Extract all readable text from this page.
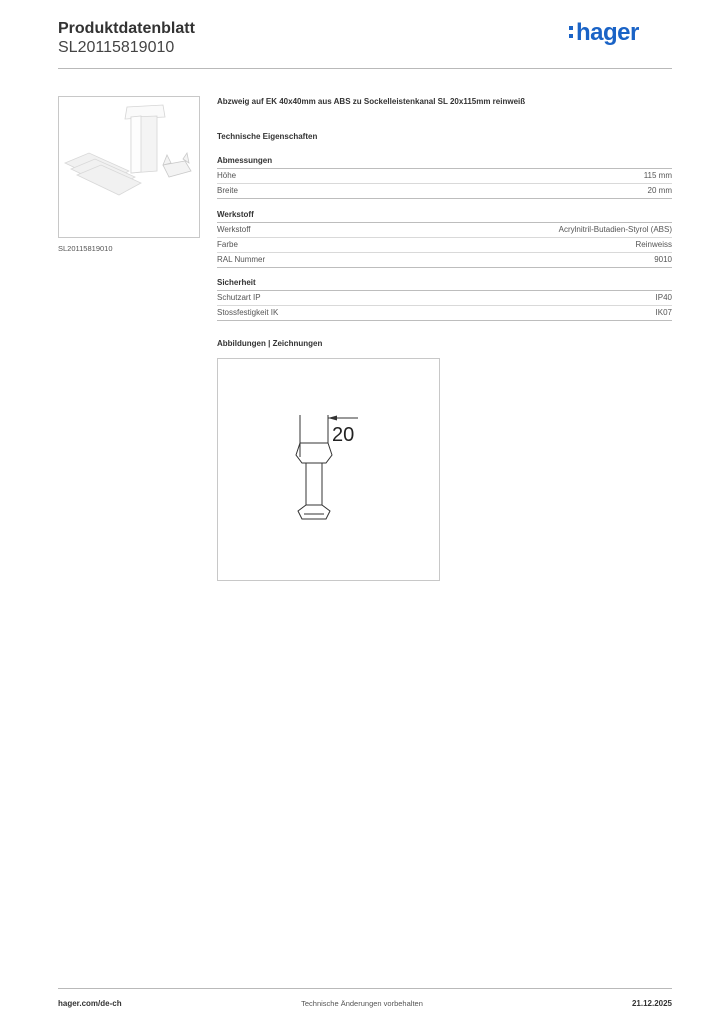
Produktdatenblatt
SL20115819010
hager
SL20115819010
Abzweig auf EK 40x40mm aus ABS zu Sockelleistenkanal SL 20x115mm reinweiß
Technische Eigenschaften
Abmessungen
Höhe	115 mm
Breite	20 mm
Werkstoff
Werkstoff	Acrylnitril-Butadien-Styrol (ABS)
Farbe	Reinweiss
RAL Nummer	9010
Sicherheit
Schutzart IP	IP40
Stossfestigkeit IK	IK07
Abbildungen | Zeichnungen
20
Technische Änderungen vorbehalten
hager.com/de-ch	21.12.2025
